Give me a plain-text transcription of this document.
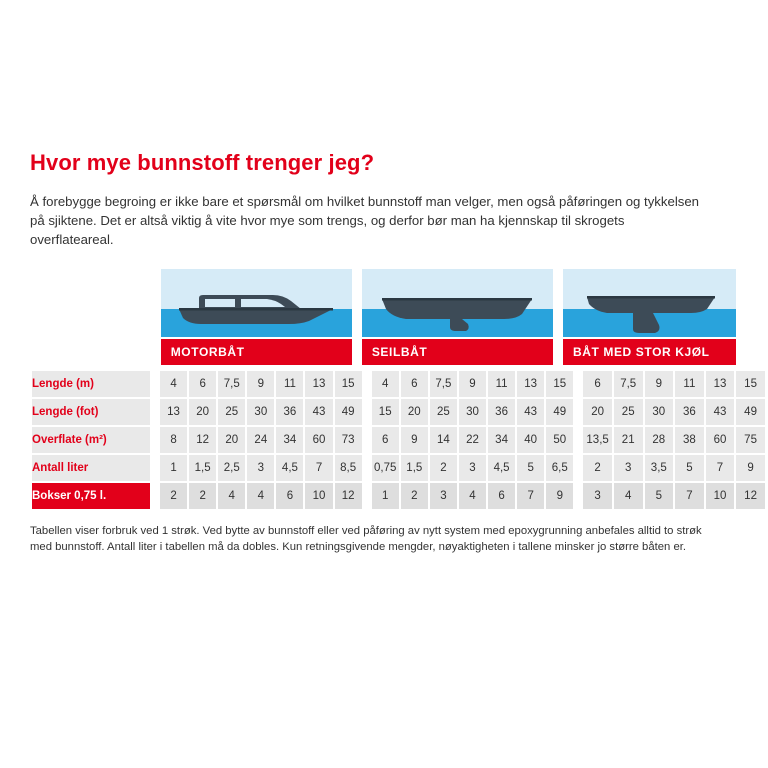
Hvor mye bunnstoff trenger jeg?

Å forebygge begroing er ikke bare et spørsmål om hvilket bunnstoff man velger, men også påføringen og tykkelsen på sjiktene. Det er altså viktig å vite hvor mye som trengs, og derfor bør man ha kjennskap til skrogets overflateareal.

MOTORBÅT		SEILBÅT		BÅT MED STOR KJØL
Lengde (m)		4	6	7,5	9	11	13	15		4	6	7,5	9	11	13	15		6	7,5	9	11	13	15
Lengde (fot)		13	20	25	30	36	43	49		15	20	25	30	36	43	49		20	25	30	36	43	49
Overflate (m²)		8	12	20	24	34	60	73		6	9	14	22	34	40	50		13,5	21	28	38	60	75
Antall liter		1	1,5	2,5	3	4,5	7	8,5		0,75	1,5	2	3	4,5	5	6,5		2	3	3,5	5	7	9
Bokser 0,75 l.		2	2	4	4	6	10	12		1	2	3	4	6	7	9		3	4	5	7	10	12

Tabellen viser forbruk ved 1 strøk. Ved bytte av bunnstoff eller ved påføring av nytt system med epoxygrunning anbefales alltid to strøk med bunnstoff. Antall liter i tabellen må da dobles. Kun retningsgivende mengder, nøyaktigheten i tallene minsker jo større båten er.
